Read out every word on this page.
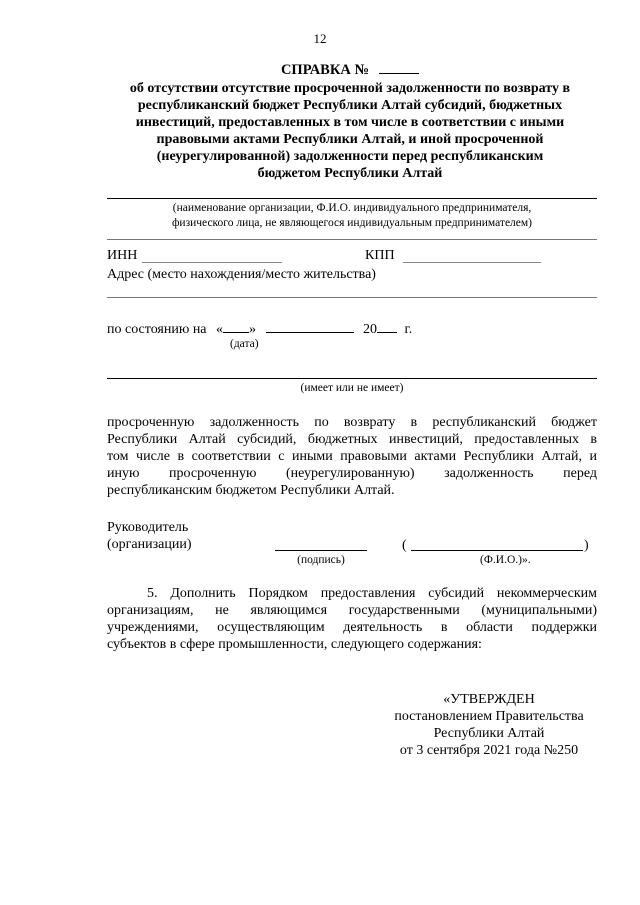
12
СПРАВКА №
об отсутствии отсутствие просроченной задолженности по возврату в
республиканский бюджет Республики Алтай субсидий, бюджетных
инвестиций, предоставленных в том числе в соответствии с иными
правовыми актами Республики Алтай, и иной просроченной
(неурегулированной) задолженности перед республиканским
бюджетом Республики Алтай
(наименование организации, Ф.И.О. индивидуального предпринимателя,
физического лица, не являющегося индивидуальным предпринимателем)
ИНН	КПП
Адрес (место нахождения/место жительства)
по состоянию на « »	20 г.
(дата)
(имеет или не имеет)
просроченную задолженность по возврату в республиканский бюджет
Республики Алтай субсидий, бюджетных инвестиций, предоставленных в
том числе в соответствии с иными правовыми актами Республики Алтай, и
иную просроченную (неурегулированную) задолженность перед
республиканским бюджетом Республики Алтай.
Руководитель
(организации)
(подпись)
(	)
(Ф.И.О.)».
5. Дополнить Порядком предоставления субсидий некоммерческим
организациям, не являющимся государственными (муниципальными)
учреждениями, осуществляющим деятельность в области поддержки
субъектов в сфере промышленности, следующего содержания:
«УТВЕРЖДЕН
постановлением Правительства
Республики Алтай
от 3 сентября 2021 года №250
